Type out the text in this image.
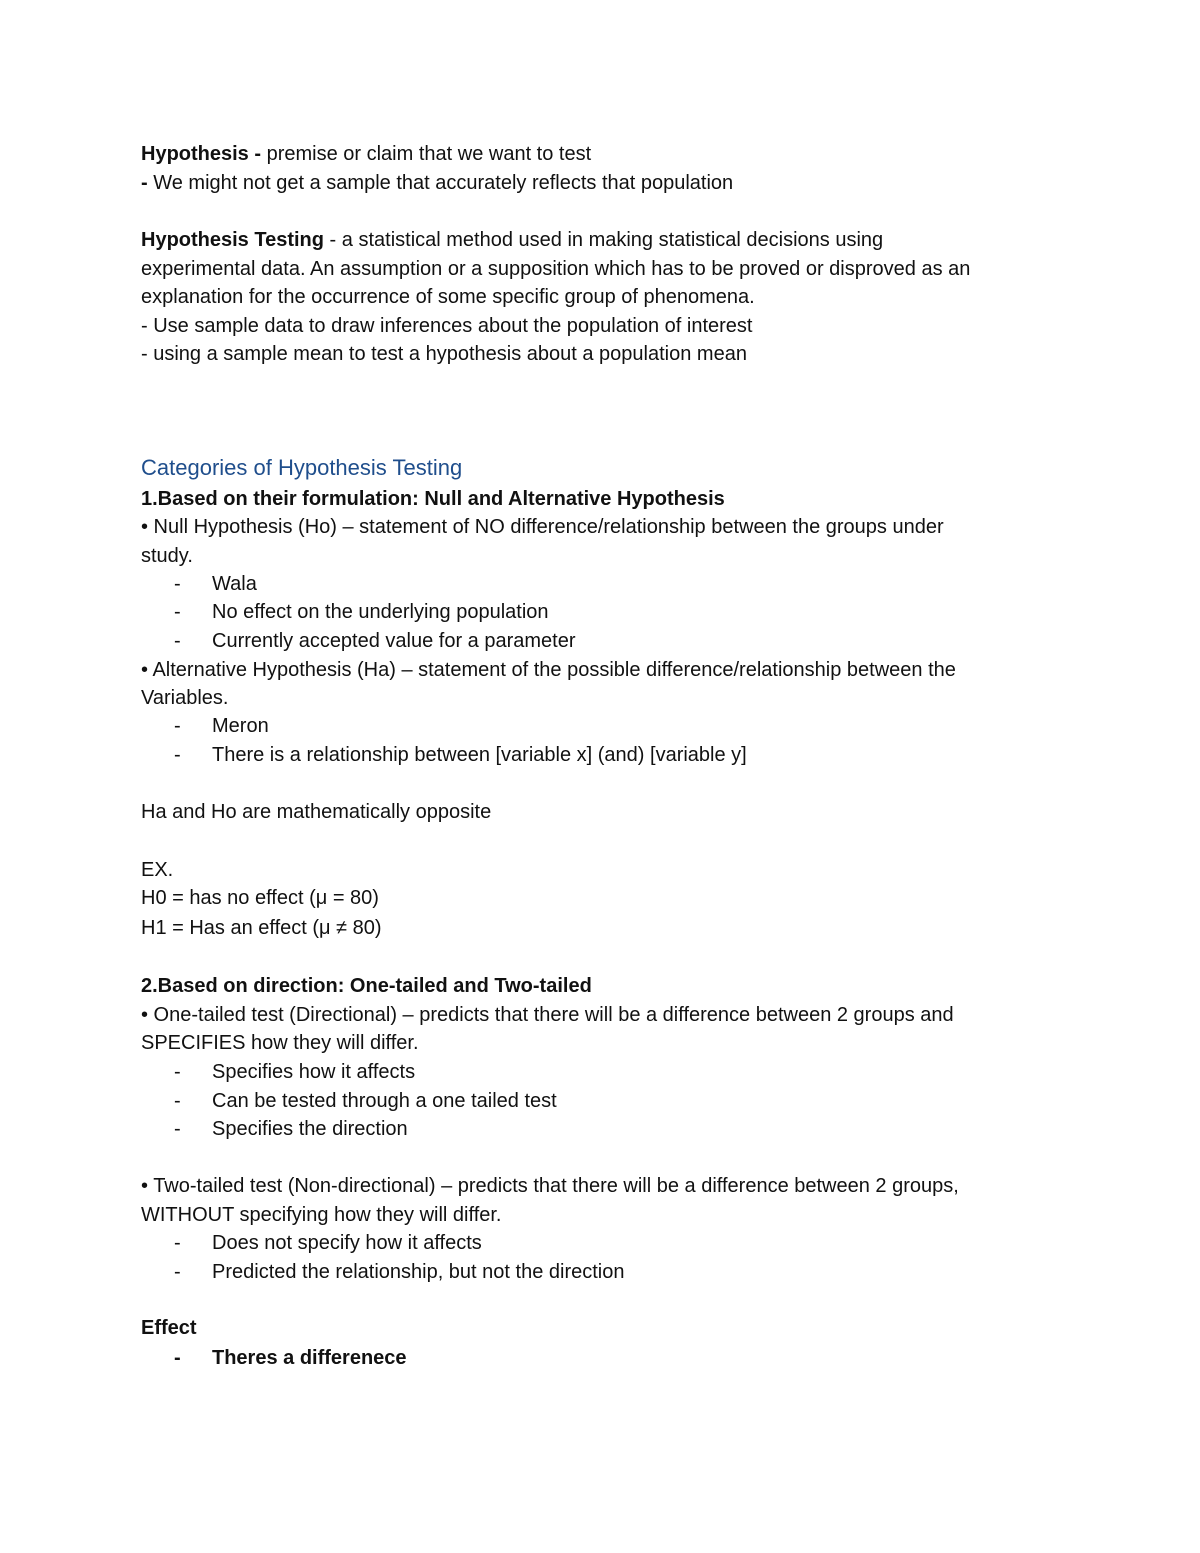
Hypothesis - premise or claim that we want to test

- We might not get a sample that accurately reflects that population

Hypothesis Testing - a statistical method used in making statistical decisions using

experimental data. An assumption or a supposition which has to be proved or disproved as an

explanation for the occurrence of some specific group of phenomena.

- Use sample data to draw inferences about the population of interest

- using a sample mean to test a hypothesis about a population mean

Categories of Hypothesis Testing

1.Based on their formulation: Null and Alternative Hypothesis

• Null Hypothesis (Ho) – statement of NO difference/relationship between the groups under

study.

- Wala
- No effect on the underlying population
- Currently accepted value for a parameter

• Alternative Hypothesis (Ha) – statement of the possible difference/relationship between the

Variables.

- Meron
- There is a relationship between [variable x] (and) [variable y]

Ha and Ho are mathematically opposite

EX.

H0 = has no effect (μ = 80)

H1 = Has an effect (μ ≠ 80)

2.Based on direction: One-tailed and Two-tailed

• One-tailed test (Directional) – predicts that there will be a difference between 2 groups and

SPECIFIES how they will differ.

- Specifies how it affects
- Can be tested through a one tailed test
- Specifies the direction

• Two-tailed test (Non-directional) – predicts that there will be a difference between 2 groups,

WITHOUT specifying how they will differ.

- Does not specify how it affects
- Predicted the relationship, but not the direction

Effect

- Theres a differenece
